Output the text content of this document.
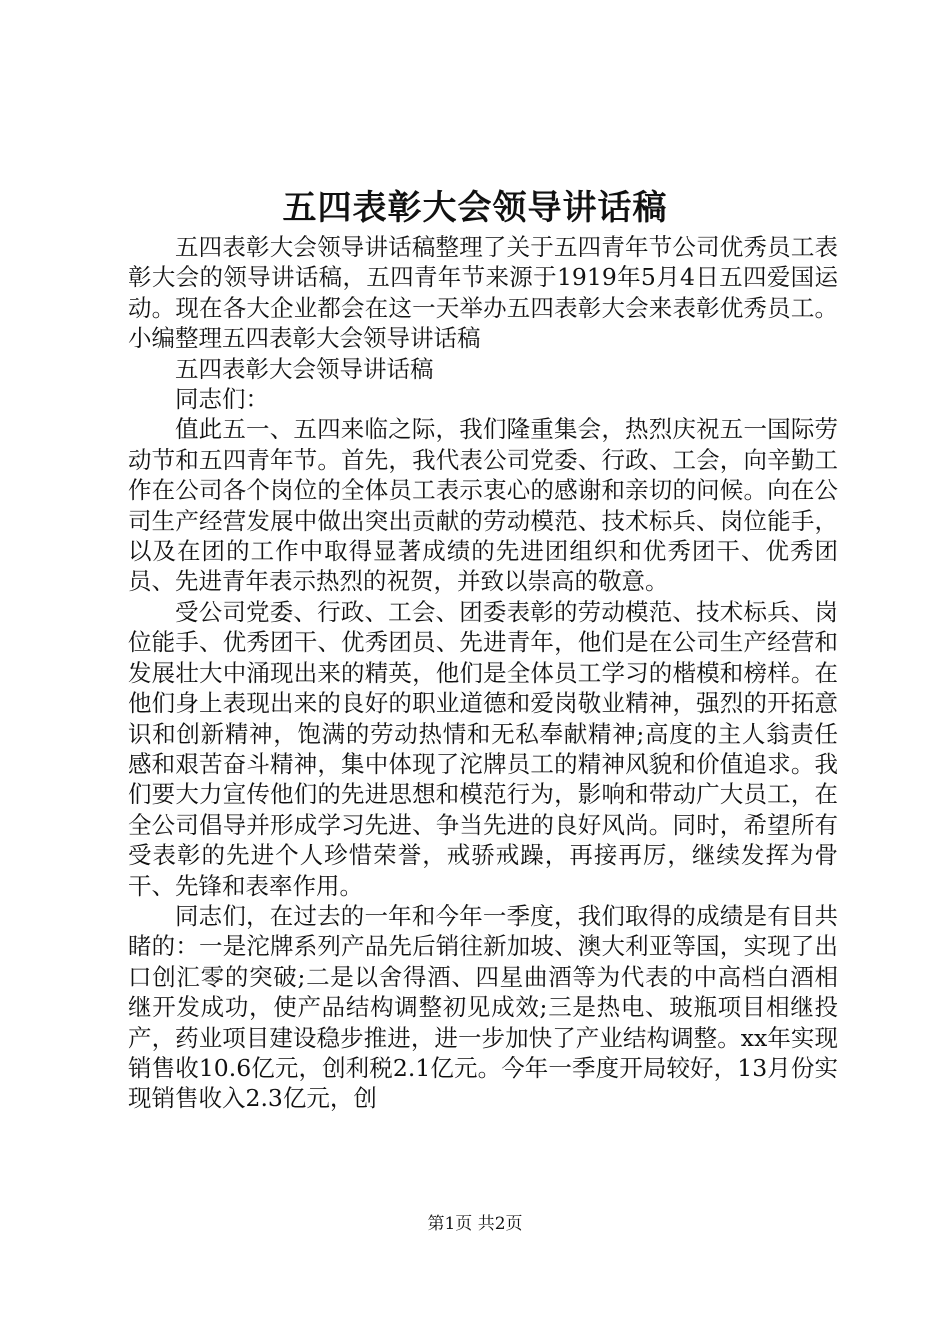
五四表彰大会领导讲话稿

五四表彰大会领导讲话稿整理了关于五四青年节公司优秀员工表彰大会的领导讲话稿，五四青年节来源于1919年5月4日五四爱国运动。现在各大企业都会在这一天举办五四表彰大会来表彰优秀员工。小编整理五四表彰大会领导讲话稿

五四表彰大会领导讲话稿

同志们：

值此五一、五四来临之际，我们隆重集会，热烈庆祝五一国际劳动节和五四青年节。首先，我代表公司党委、行政、工会，向辛勤工作在公司各个岗位的全体员工表示衷心的感谢和亲切的问候。向在公司生产经营发展中做出突出贡献的劳动模范、技术标兵、岗位能手，以及在团的工作中取得显著成绩的先进团组织和优秀团干、优秀团员、先进青年表示热烈的祝贺，并致以崇高的敬意。

受公司党委、行政、工会、团委表彰的劳动模范、技术标兵、岗位能手、优秀团干、优秀团员、先进青年，他们是在公司生产经营和发展壮大中涌现出来的精英，他们是全体员工学习的楷模和榜样。在他们身上表现出来的良好的职业道德和爱岗敬业精神，强烈的开拓意识和创新精神，饱满的劳动热情和无私奉献精神;高度的主人翁责任感和艰苦奋斗精神，集中体现了沱牌员工的精神风貌和价值追求。我们要大力宣传他们的先进思想和模范行为，影响和带动广大员工，在全公司倡导并形成学习先进、争当先进的良好风尚。同时，希望所有受表彰的先进个人珍惜荣誉，戒骄戒躁，再接再厉，继续发挥为骨干、先锋和表率作用。

同志们，在过去的一年和今年一季度，我们取得的成绩是有目共睹的：一是沱牌系列产品先后销往新加坡、澳大利亚等国，实现了出口创汇零的突破;二是以舍得酒、四星曲酒等为代表的中高档白酒相继开发成功，使产品结构调整初见成效;三是热电、玻瓶项目相继投产，药业项目建设稳步推进，进一步加快了产业结构调整。xx年实现销售收10.6亿元，创利税2.1亿元。今年一季度开局较好，13月份实现销售收入2.3亿元，创

第1页 共2页
